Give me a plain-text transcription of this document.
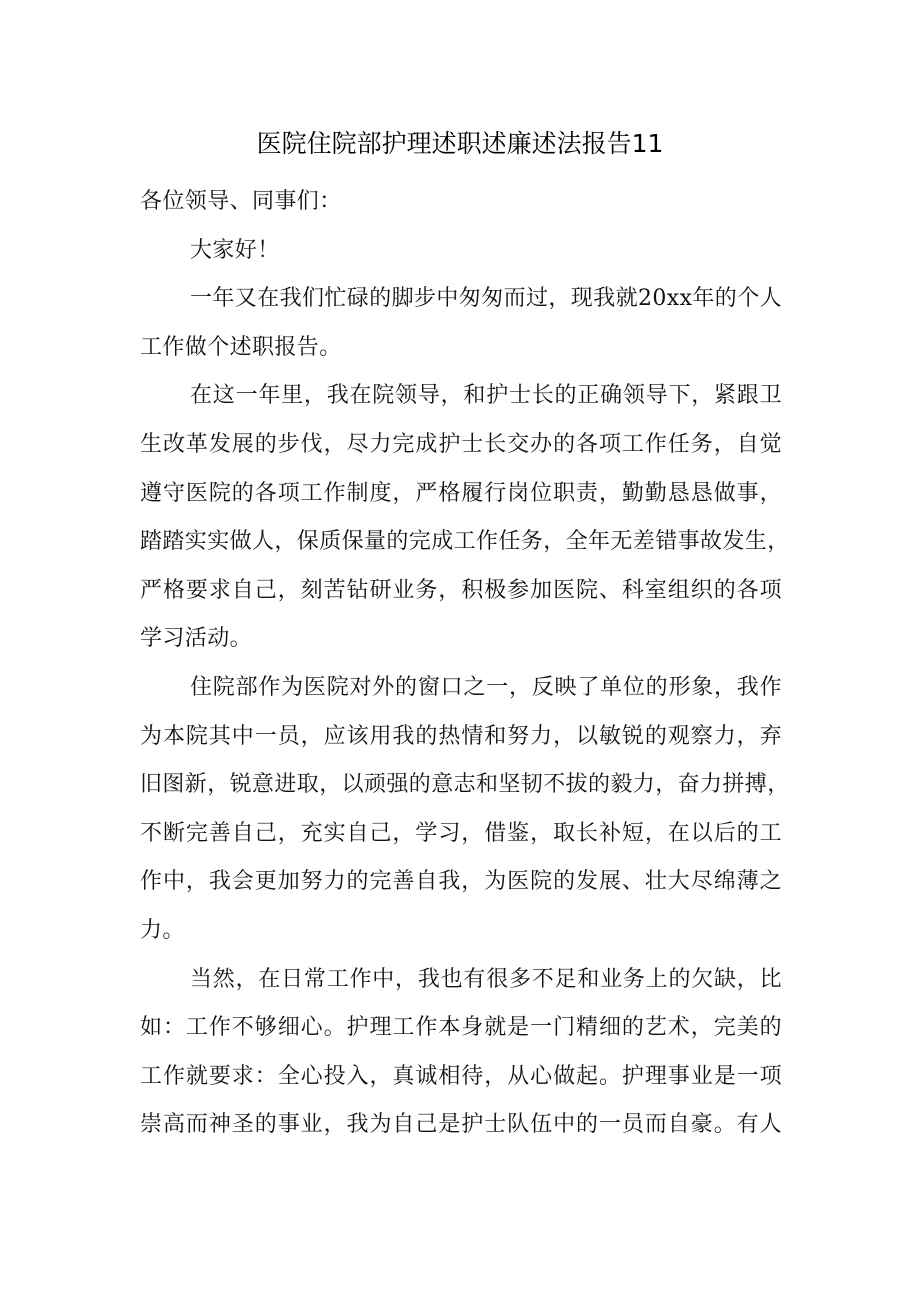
医院住院部护理述职述廉述法报告11
各位领导、同事们：
大家好！
一年又在我们忙碌的脚步中匆匆而过，现我就20xx年的个人
工作做个述职报告。
在这一年里，我在院领导，和护士长的正确领导下，紧跟卫
生改革发展的步伐，尽力完成护士长交办的各项工作任务，自觉
遵守医院的各项工作制度，严格履行岗位职责，勤勤恳恳做事，
踏踏实实做人，保质保量的完成工作任务，全年无差错事故发生，
严格要求自己，刻苦钻研业务，积极参加医院、科室组织的各项
学习活动。
住院部作为医院对外的窗口之一，反映了单位的形象，我作
为本院其中一员，应该用我的热情和努力，以敏锐的观察力，弃
旧图新，锐意进取，以顽强的意志和坚韧不拔的毅力，奋力拼搏，
不断完善自己，充实自己，学习，借鉴，取长补短，在以后的工
作中，我会更加努力的完善自我，为医院的发展、壮大尽绵薄之
力。
当然，在日常工作中，我也有很多不足和业务上的欠缺，比
如：工作不够细心。护理工作本身就是一门精细的艺术，完美的
工作就要求：全心投入，真诚相待，从心做起。护理事业是一项
崇高而神圣的事业，我为自己是护士队伍中的一员而自豪。有人
